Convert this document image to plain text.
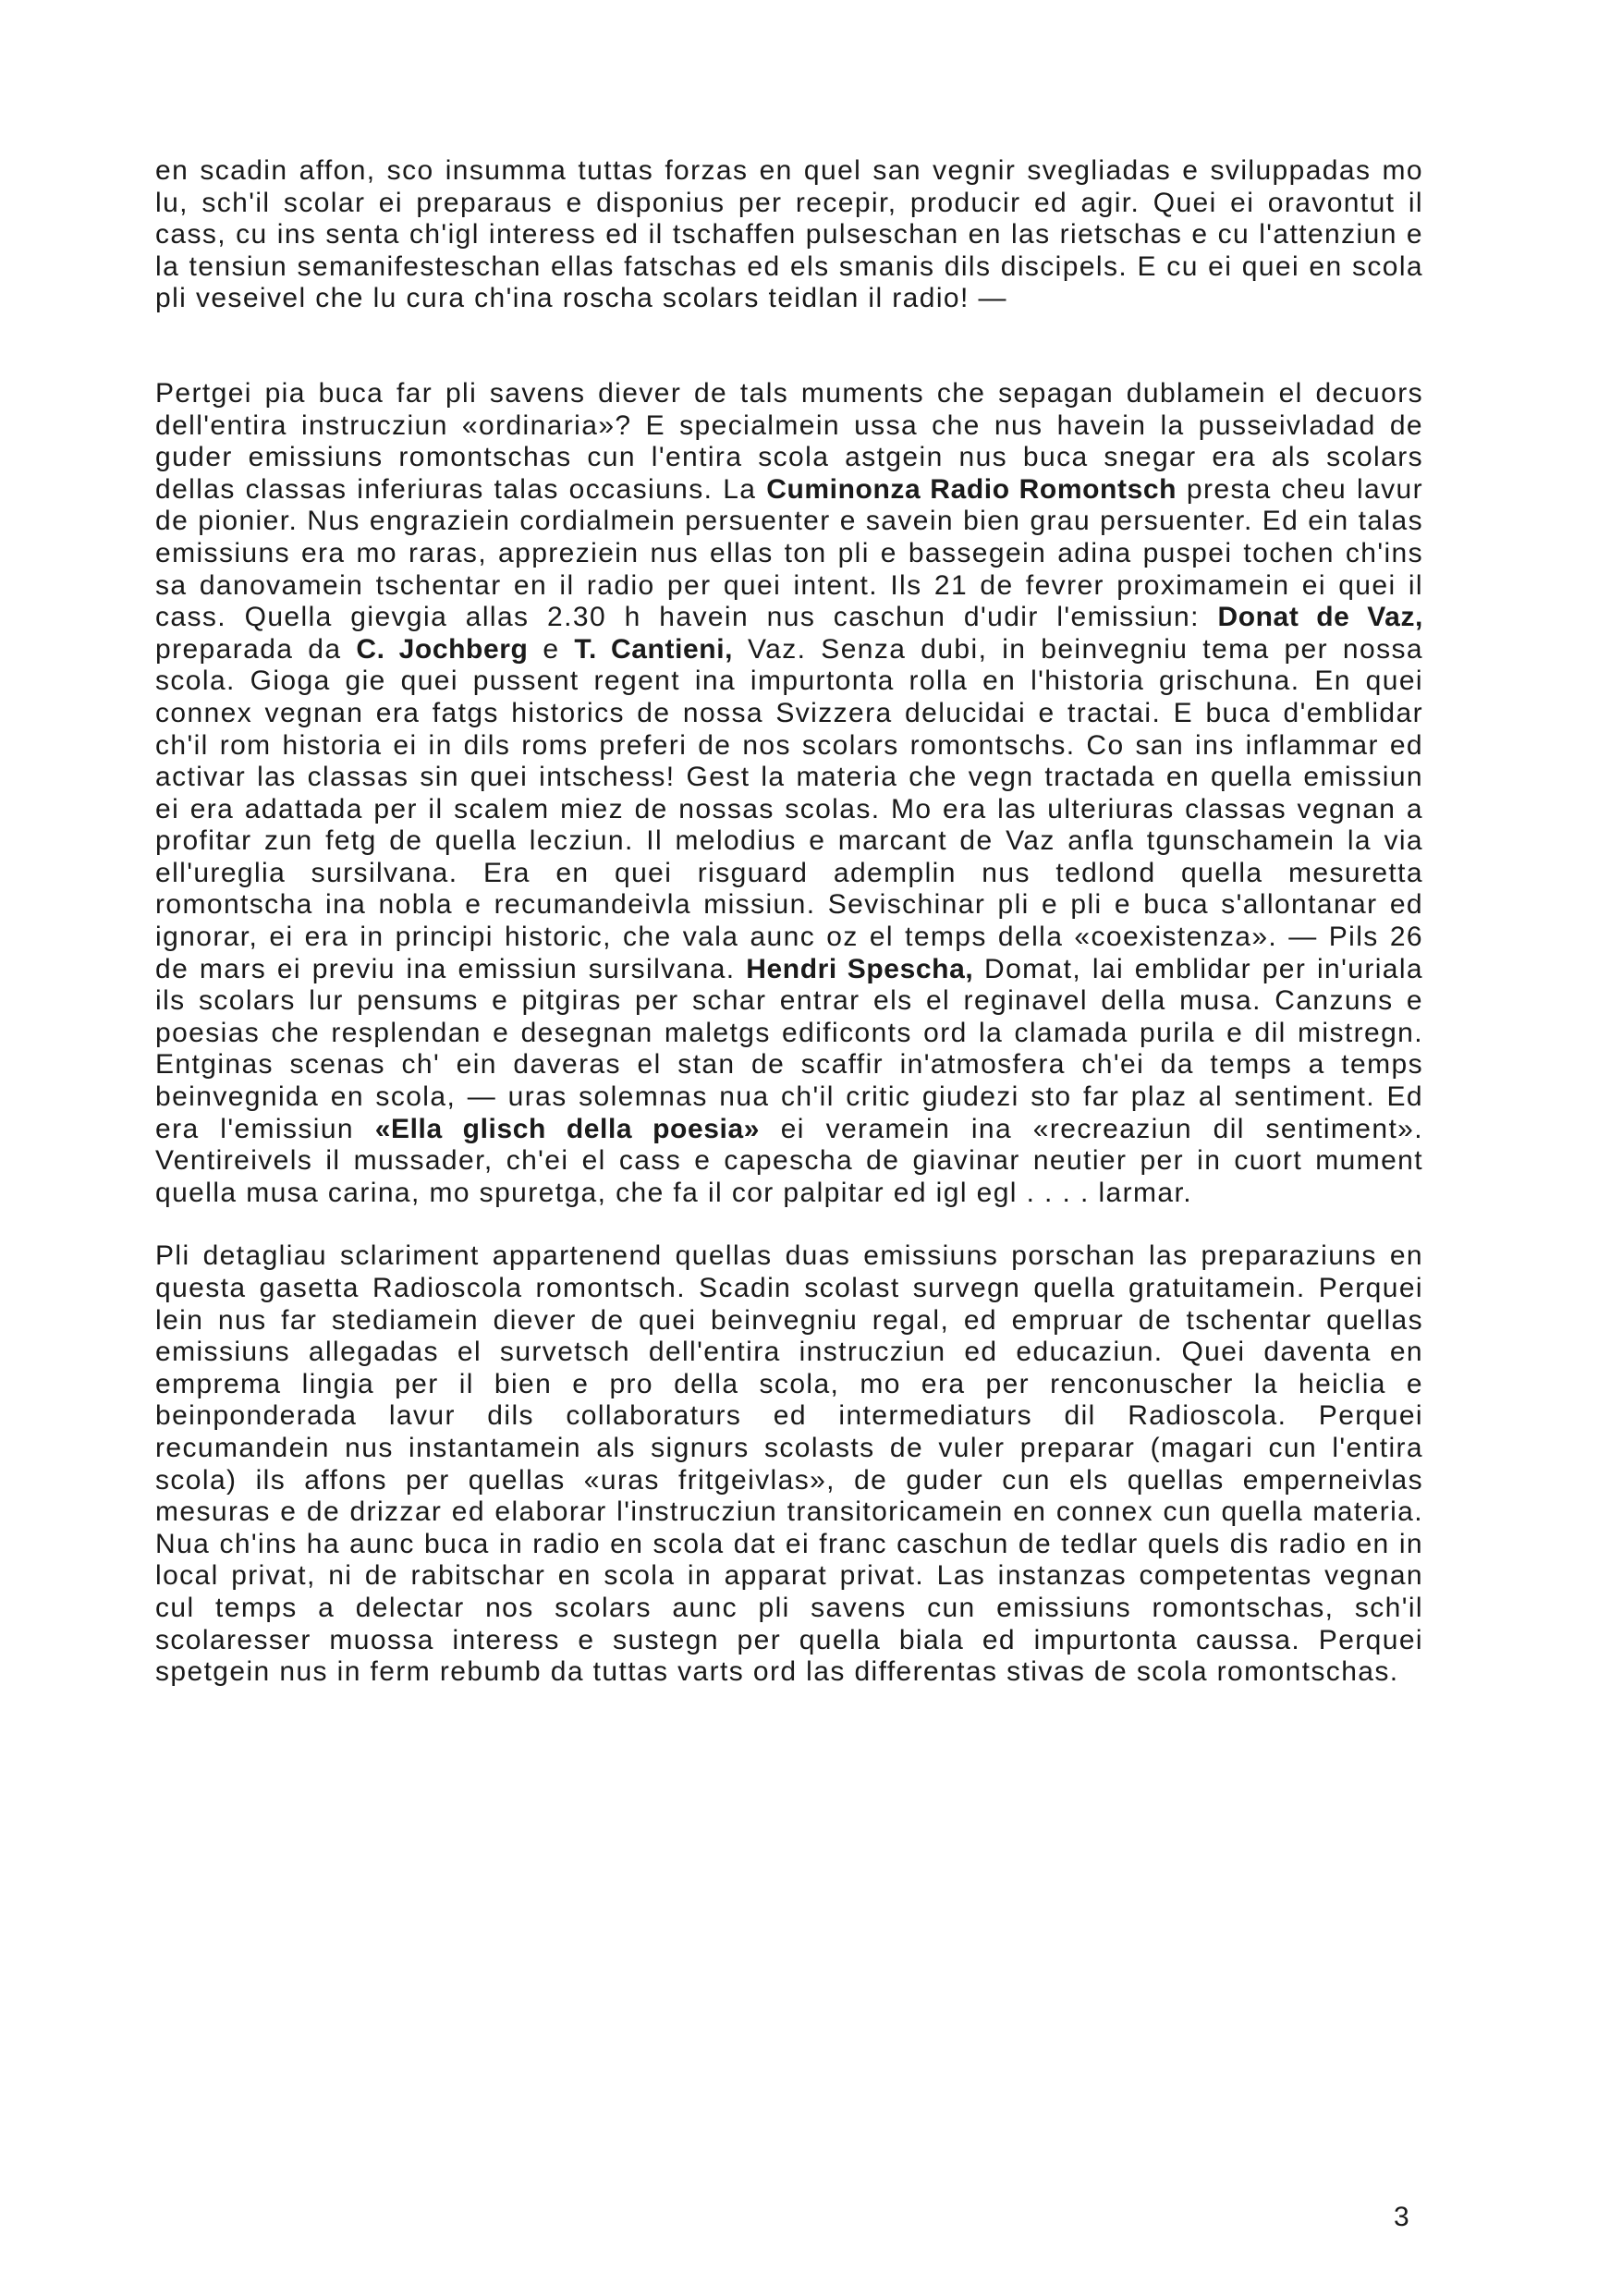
en scadin affon, sco insumma tuttas forzas en quel san vegnir svegliadas e sviluppadas mo lu, sch'il scolar ei preparaus e disponius per recepir, producir ed agir. Quei ei oravontut il cass, cu ins senta ch'igl interess ed il tschaffen pulseschan en las rietschas e cu l'attenziun e la tensiun semanifesteschan ellas fatschas ed els smanis dils discipels. E cu ei quei en scola pli veseivel che lu cura ch'ina roscha scolars teidlan il radio! —

Pertgei pia buca far pli savens diever de tals muments che sepagan dublamein el decuors dell'entira instrucziun «ordinaria»? E specialmein ussa che nus havein la pusseivladad de guder emissiuns romontschas cun l'entira scola astgein nus buca snegar era als scolars dellas classas inferiuras talas occasiuns. La Cuminonza Radio Romontsch presta cheu lavur de pionier. Nus engraziein cordialmein persuenter e savein bien grau persuenter. Ed ein talas emissiuns era mo raras, appreziein nus ellas ton pli e bassegein adina puspei tochen ch'ins sa danovamein tschentar en il radio per quei intent. Ils 21 de fevrer proximamein ei quei il cass. Quella gievgia allas 2.30 h havein nus caschun d'udir l'emissiun: Donat de Vaz, preparada da C. Jochberg e T. Cantieni, Vaz. Senza dubi, in beinvegniu tema per nossa scola. Gioga gie quei pussent regent ina impurtonta rolla en l'historia grischuna. En quei connex vegnan era fatgs historics de nossa Svizzera delucidai e tractai. E buca d'emblidar ch'il rom historia ei in dils roms preferi de nos scolars romontschs. Co san ins inflammar ed activar las classas sin quei intschess! Gest la materia che vegn tractada en quella emissiun ei era adattada per il scalem miez de nossas scolas. Mo era las ulteriuras classas vegnan a profitar zun fetg de quella lecziun. Il melodius e marcant de Vaz anfla tgunschamein la via ell'ureglia sursilvana. Era en quei risguard ademplin nus tedlond quella mesuretta romontscha ina nobla e recumandeivla missiun. Sevischinar pli e pli e buca s'allontanar ed ignorar, ei era in principi historic, che vala aunc oz el temps della «coexistenza». — Pils 26 de mars ei previu ina emissiun sursilvana. Hendri Spescha, Domat, lai emblidar per in'uriala ils scolars lur pensums e pitgiras per schar entrar els el reginavel della musa. Canzuns e poesias che resplendan e desegnan maletgs edificonts ord la clamada purila e dil mistregn. Entginas scenas ch' ein daveras el stan de scaffir in'atmosfera ch'ei da temps a temps beinvegnida en scola, — uras solemnas nua ch'il critic giudezi sto far plaz al sentiment. Ed era l'emissiun «Ella glisch della poesia» ei veramein ina «recreaziun dil sentiment». Ventireivels il mussader, ch'ei el cass e capescha de giavinar neutier per in cuort mument quella musa carina, mo spuretga, che fa il cor palpitar ed igl egl . . . . larmar.

Pli detagliau sclariment appartenend quellas duas emissiuns porschan las preparaziuns en questa gasetta Radioscola romontsch. Scadin scolast survegn quella gratuitamein. Perquei lein nus far stediamein diever de quei beinvegniu regal, ed empruar de tschentar quellas emissiuns allegadas el survetsch dell'entira instrucziun ed educaziun. Quei daventa en emprema lingia per il bien e pro della scola, mo era per renconuscher la heiclia e beinponderada lavur dils collaboraturs ed intermediaturs dil Radioscola. Perquei recumandein nus instantamein als signurs scolasts de vuler preparar (magari cun l'entira scola) ils affons per quellas «uras fritgeivlas», de guder cun els quellas emperneivlas mesuras e de drizzar ed elaborar l'instrucziun transitoricamein en connex cun quella materia. Nua ch'ins ha aunc buca in radio en scola dat ei franc caschun de tedlar quels dis radio en in local privat, ni de rabitschar en scola in apparat privat. Las instanzas competentas vegnan cul temps a delectar nos scolars aunc pli savens cun emissiuns romontschas, sch'il scolaresser muossa interess e sustegn per quella biala ed impurtonta caussa. Perquei spetgein nus in ferm rebumb da tuttas varts ord las differentas stivas de scola romontschas.

3
